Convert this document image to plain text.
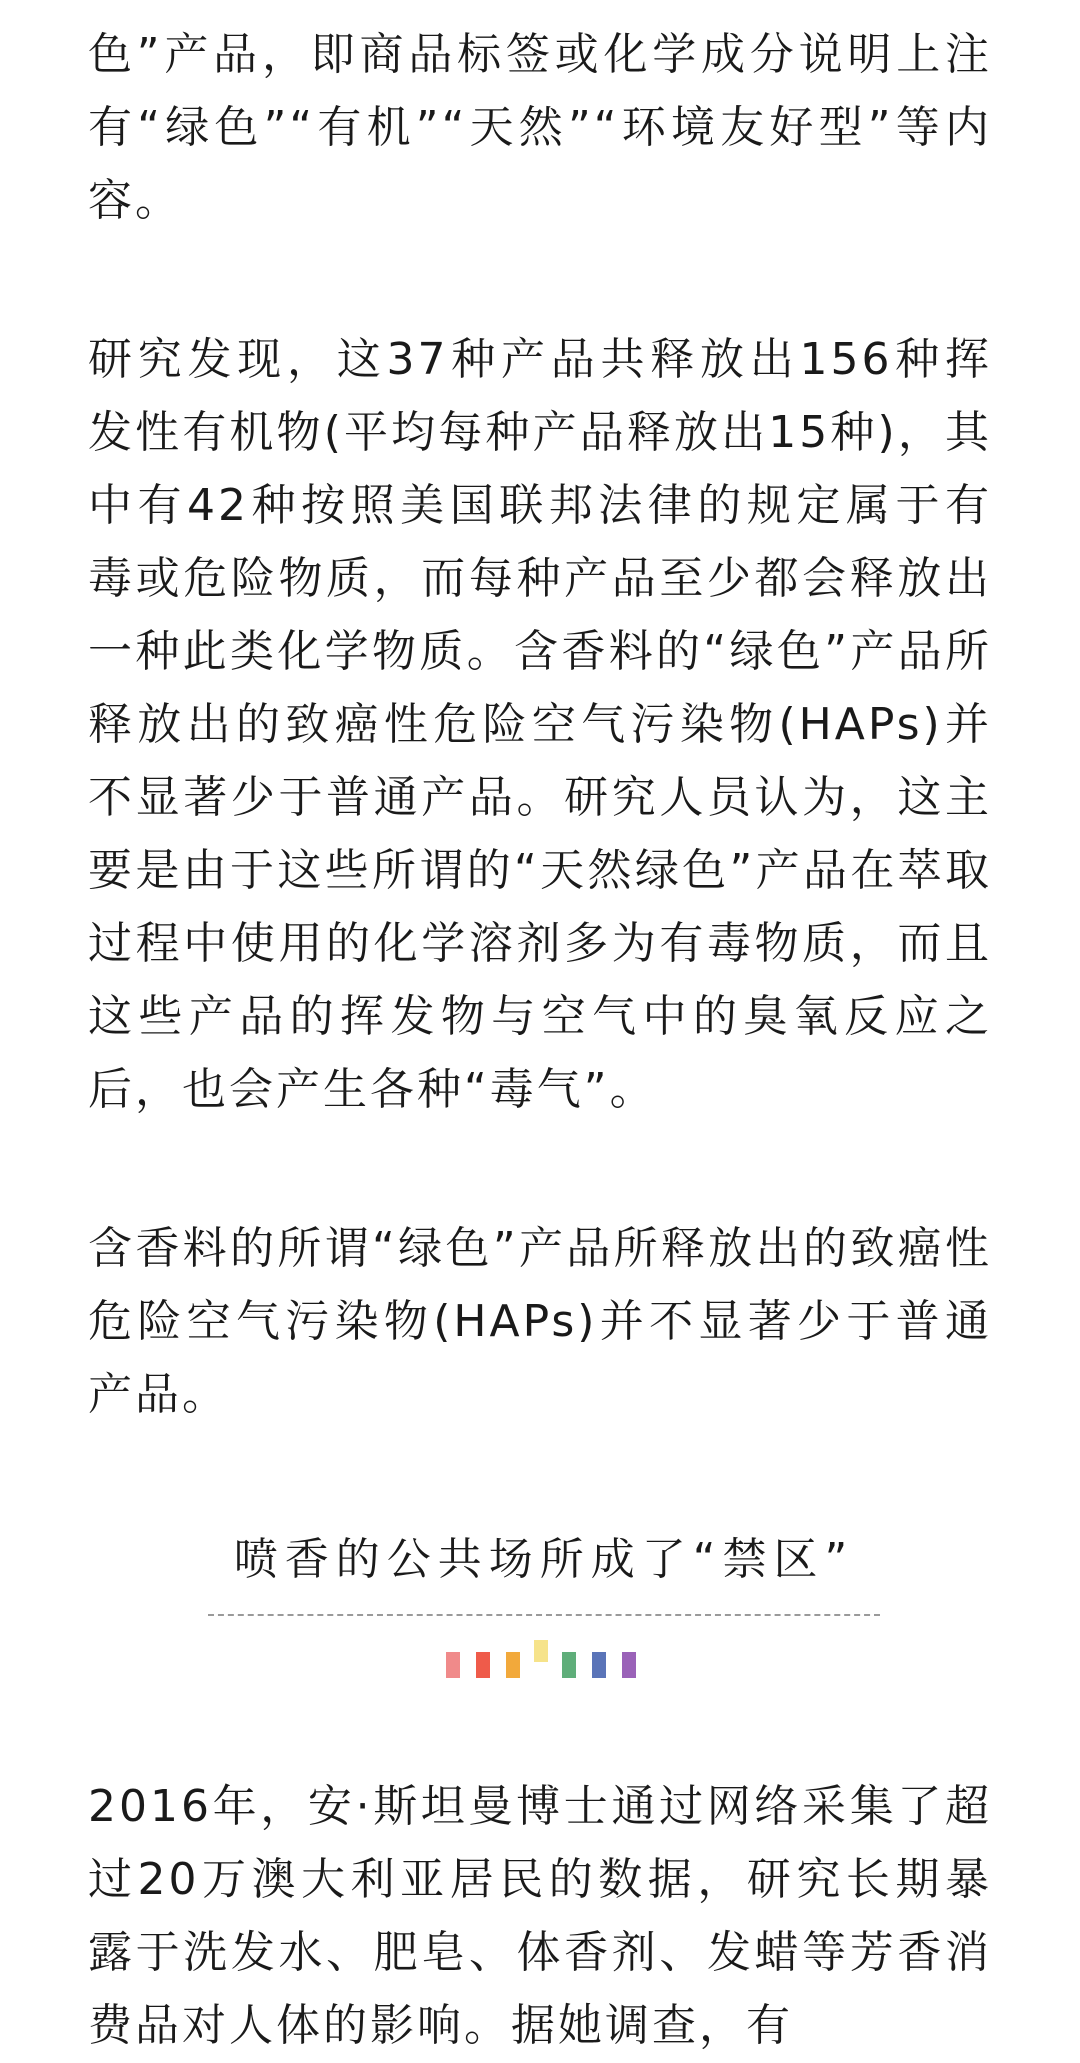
色”产品，即商品标签或化学成分说明上注有“绿色”“有机”“天然”“环境友好型”等内容。

研究发现，这37种产品共释放出156种挥发性有机物(平均每种产品释放出15种)，其中有42种按照美国联邦法律的规定属于有毒或危险物质，而每种产品至少都会释放出一种此类化学物质。含香料的“绿色”产品所释放出的致癌性危险空气污染物(HAPs)并不显著少于普通产品。研究人员认为，这主要是由于这些所谓的“天然绿色”产品在萃取过程中使用的化学溶剂多为有毒物质，而且这些产品的挥发物与空气中的臭氧反应之后，也会产生各种“毒气”。

含香料的所谓“绿色”产品所释放出的致癌性危险空气污染物(HAPs)并不显著少于普通产品。

喷香的公共场所成了“禁区”

2016年，安·斯坦曼博士通过网络采集了超过20万澳大利亚居民的数据，研究长期暴露于洗发水、肥皂、体香剂、发蜡等芳香消费品对人体的影响。据她调查，有
